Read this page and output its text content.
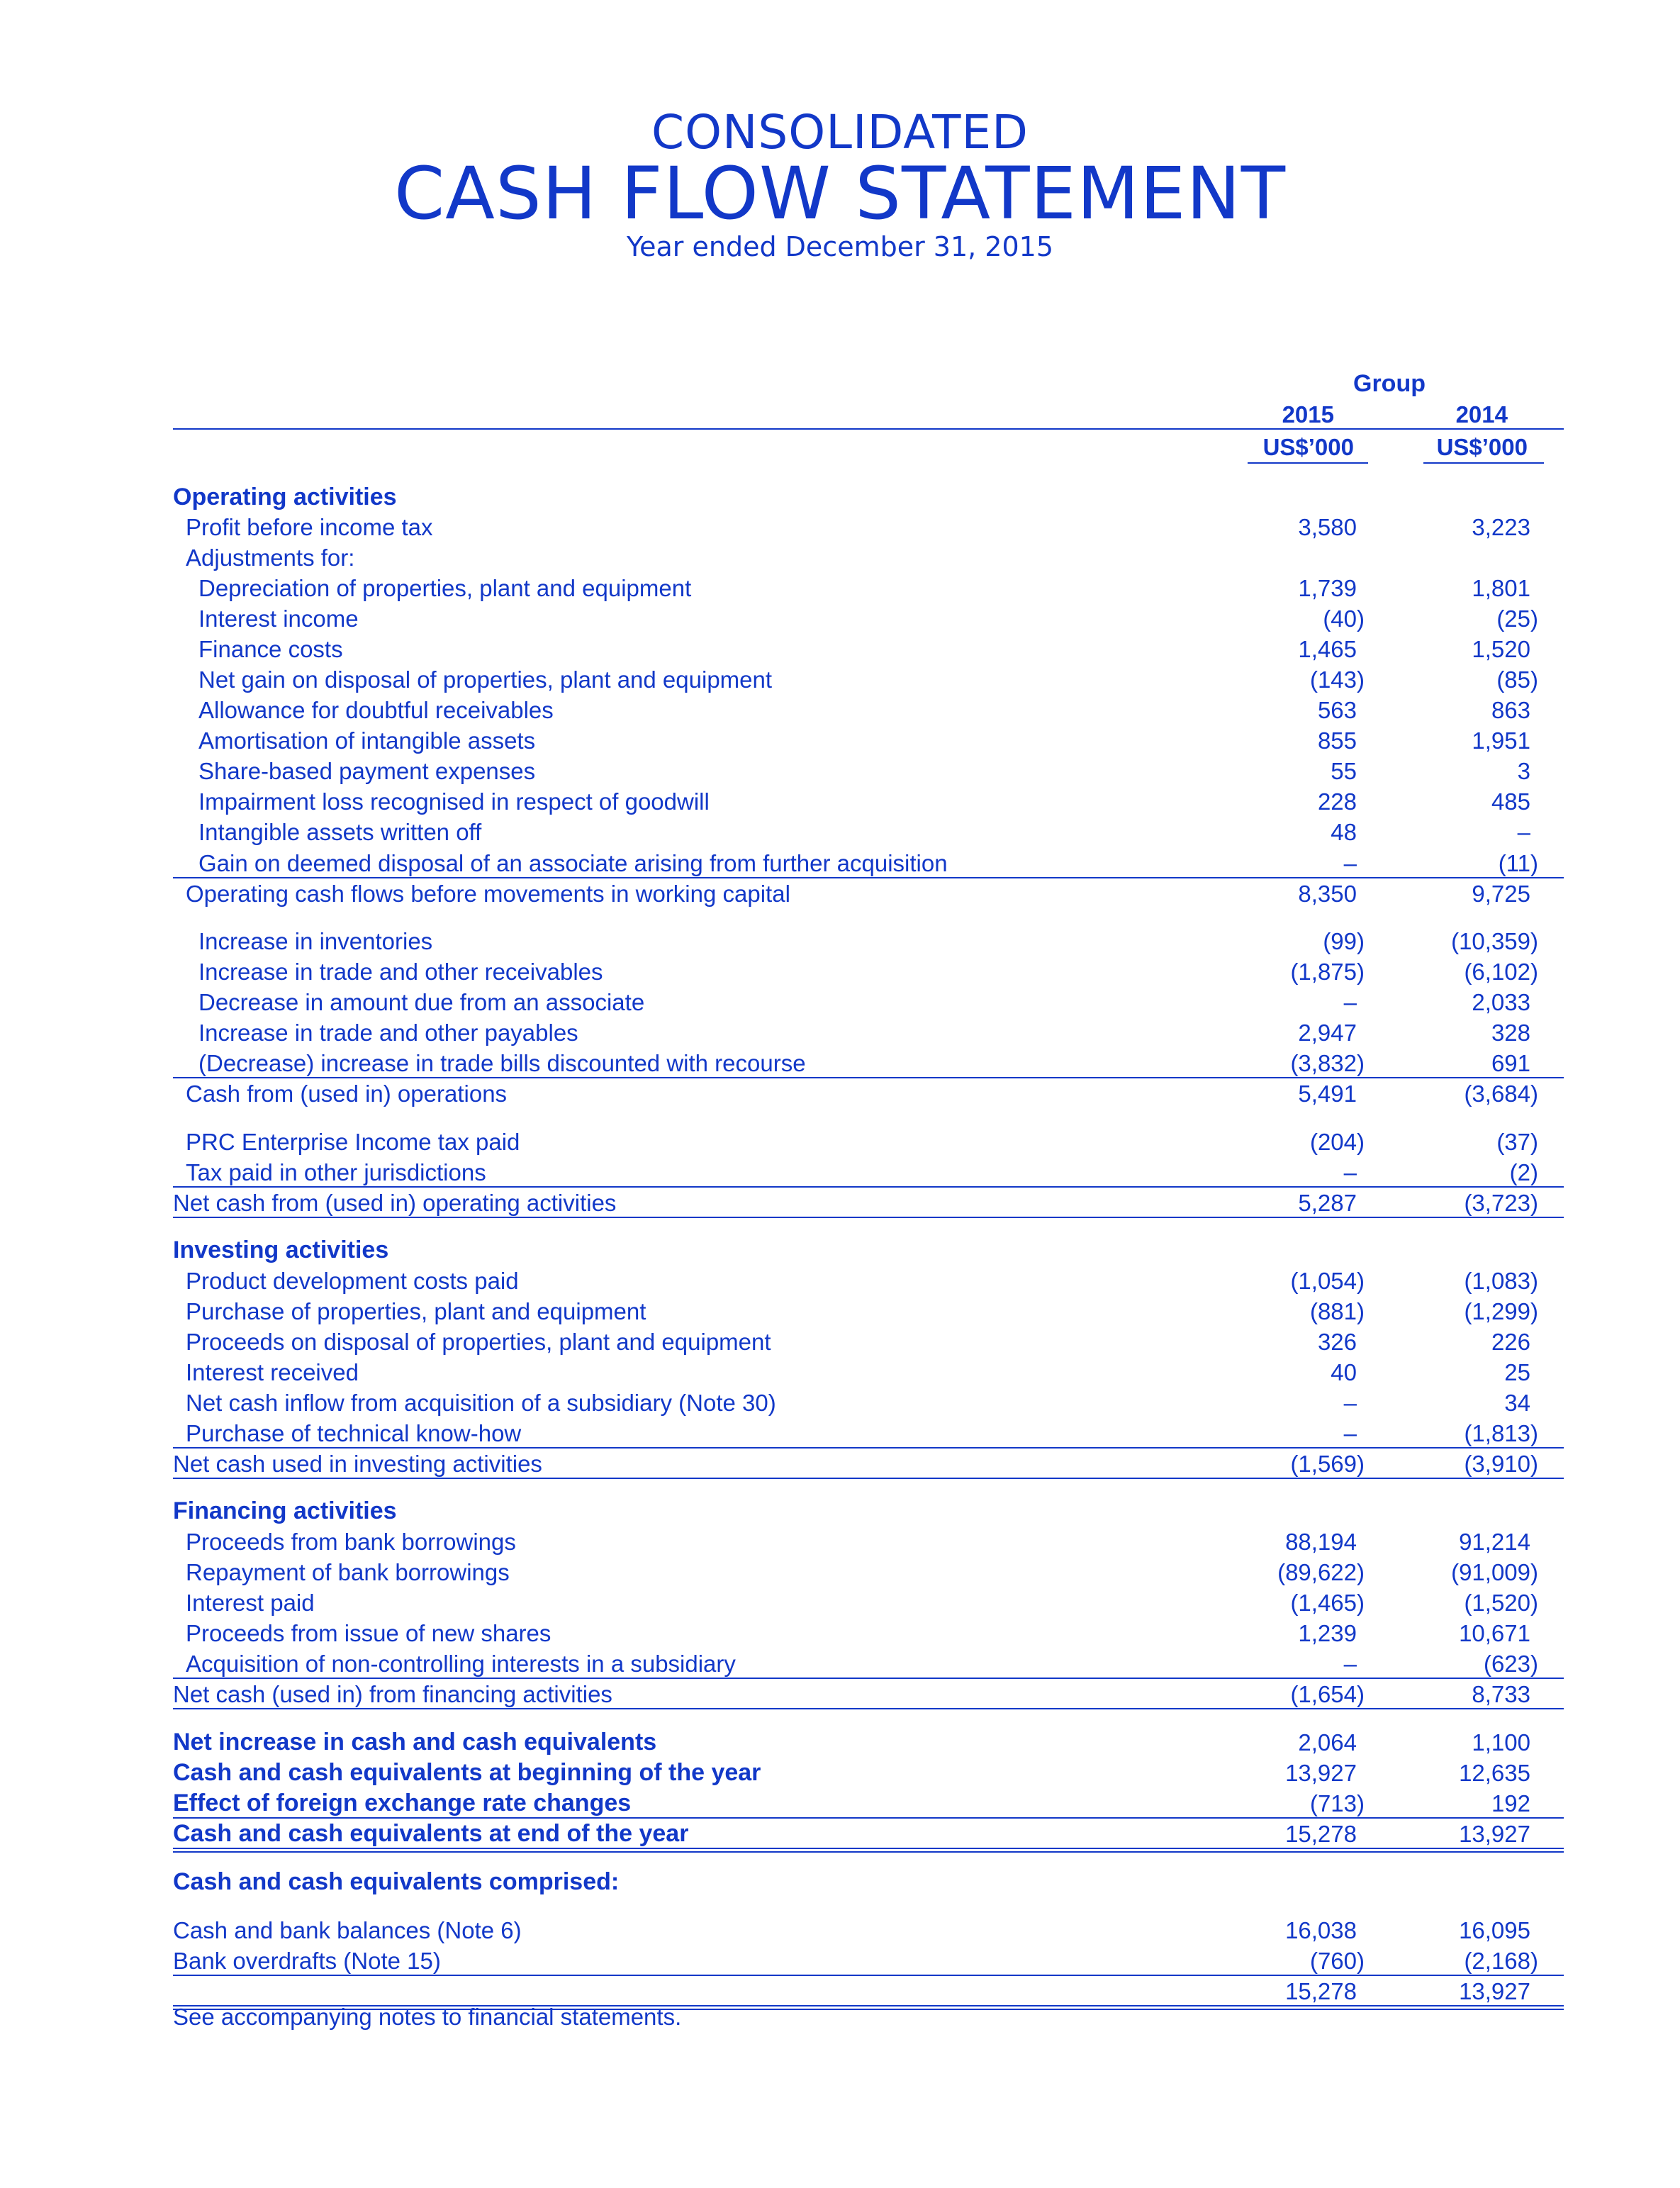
CONSOLIDATED
CASH FLOW STATEMENT
Year ended December 31, 2015
Group
2015	2014
US$’000	US$’000
Operating activities
Profit before income tax	3,580	3,223
Adjustments for:
Depreciation of properties, plant and equipment	1,739	1,801
Interest income	(40)	(25)
Finance costs	1,465	1,520
Net gain on disposal of properties, plant and equipment	(143)	(85)
Allowance for doubtful receivables	563	863
Amortisation of intangible assets	855	1,951
Share-based payment expenses	55	3
Impairment loss recognised in respect of goodwill	228	485
Intangible assets written off	48	–
Gain on deemed disposal of an associate arising from further acquisition	–	(11)
Operating cash flows before movements in working capital	8,350	9,725
Increase in inventories	(99)	(10,359)
Increase in trade and other receivables	(1,875)	(6,102)
Decrease in amount due from an associate	–	2,033
Increase in trade and other payables	2,947	328
(Decrease) increase in trade bills discounted with recourse	(3,832)	691
Cash from (used in) operations	5,491	(3,684)
PRC Enterprise Income tax paid	(204)	(37)
Tax paid in other jurisdictions	–	(2)
Net cash from (used in) operating activities	5,287	(3,723)
Investing activities
Product development costs paid	(1,054)	(1,083)
Purchase of properties, plant and equipment	(881)	(1,299)
Proceeds on disposal of properties, plant and equipment	326	226
Interest received	40	25
Net cash inflow from acquisition of a subsidiary (Note 30)	–	34
Purchase of technical know-how	–	(1,813)
Net cash used in investing activities	(1,569)	(3,910)
Financing activities
Proceeds from bank borrowings	88,194	91,214
Repayment of bank borrowings	(89,622)	(91,009)
Interest paid	(1,465)	(1,520)
Proceeds from issue of new shares	1,239	10,671
Acquisition of non-controlling interests in a subsidiary	–	(623)
Net cash (used in) from financing activities	(1,654)	8,733
Net increase in cash and cash equivalents	2,064	1,100
Cash and cash equivalents at beginning of the year	13,927	12,635
Effect of foreign exchange rate changes	(713)	192
Cash and cash equivalents at end of the year	15,278	13,927
Cash and cash equivalents comprised:
Cash and bank balances (Note 6)	16,038	16,095
Bank overdrafts (Note 15)	(760)	(2,168)
15,278	13,927
See accompanying notes to financial statements.
